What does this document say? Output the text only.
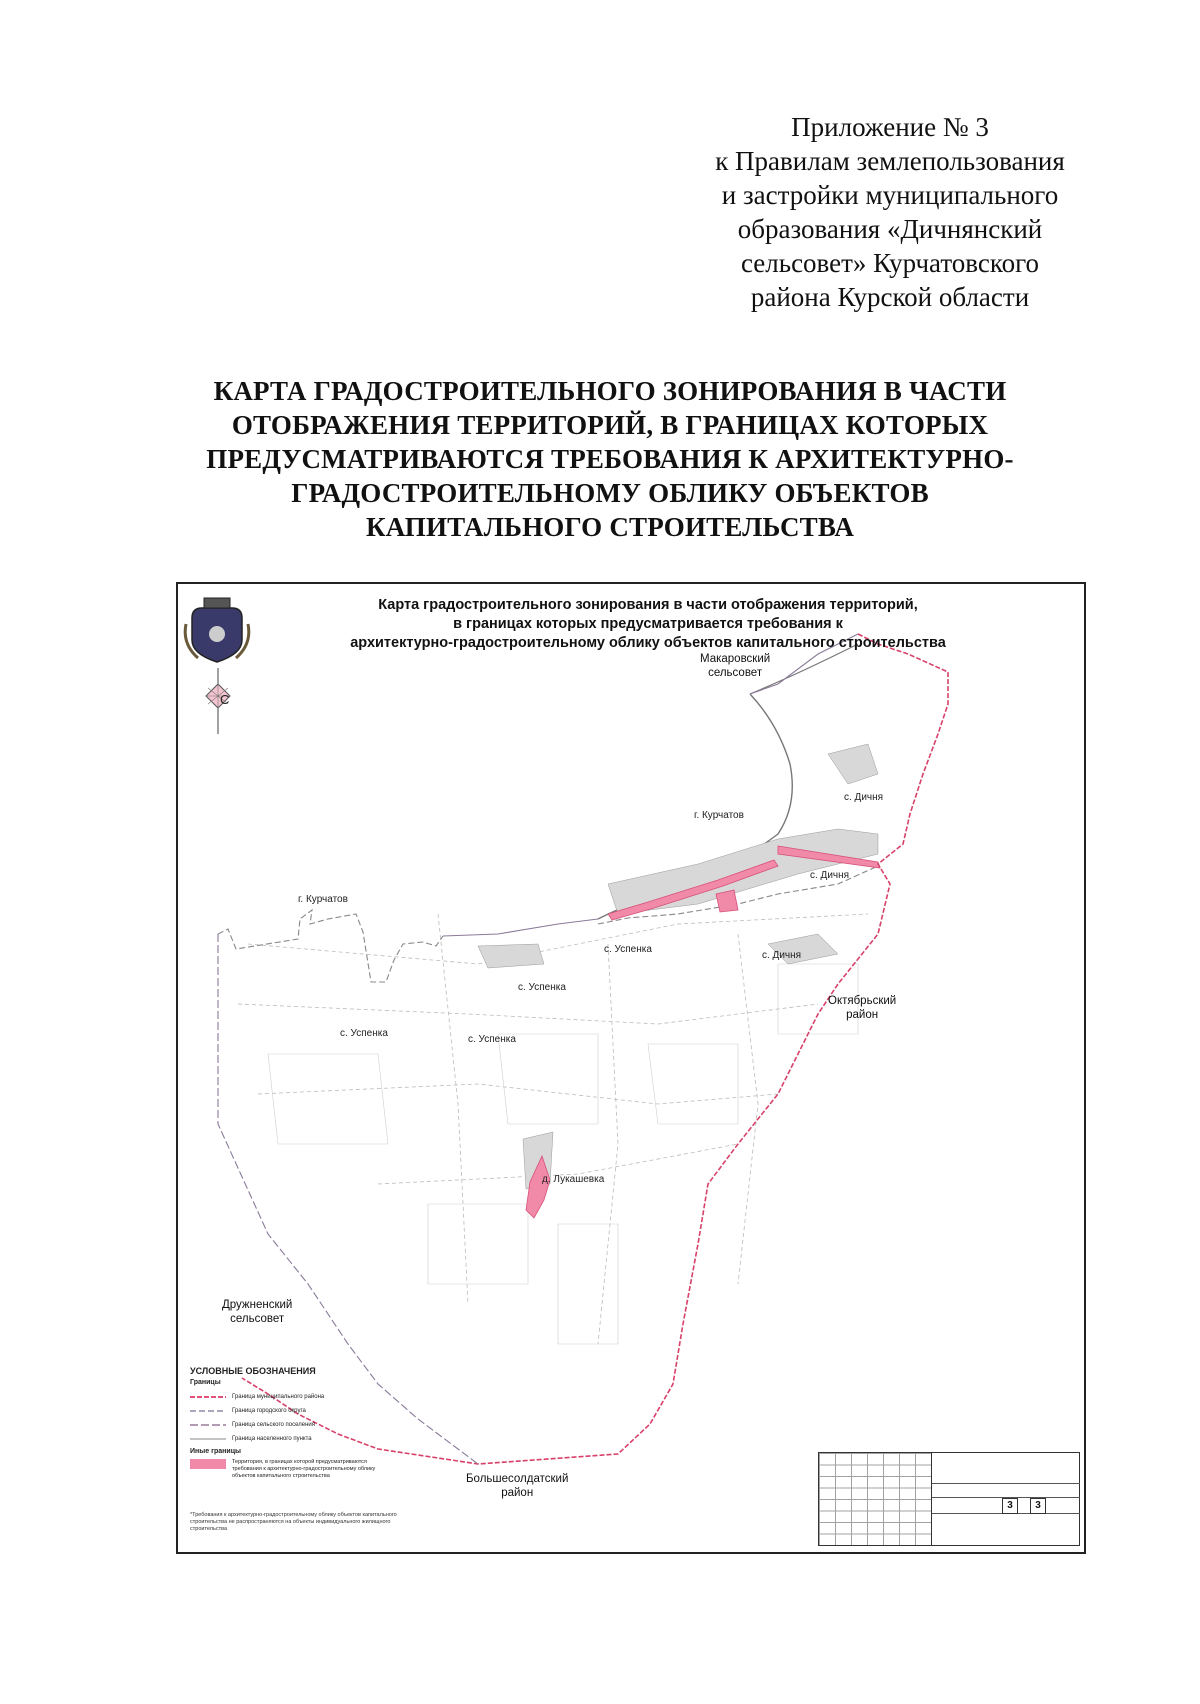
Приложение № 3
к Правилам землепользования
и застройки муниципального
образования «Дичнянский
сельсовет» Курчатовского
района Курской области
КАРТА ГРАДОСТРОИТЕЛЬНОГО ЗОНИРОВАНИЯ В ЧАСТИ
ОТОБРАЖЕНИЯ ТЕРРИТОРИЙ, В ГРАНИЦАХ КОТОРЫХ
ПРЕДУСМАТРИВАЮТСЯ ТРЕБОВАНИЯ К АРХИТЕКТУРНО-
ГРАДОСТРОИТЕЛЬНОМУ ОБЛИКУ ОБЪЕКТОВ
КАПИТАЛЬНОГО СТРОИТЕЛЬСТВА
Карта градостроительного зонирования в части отображения территорий,
в границах которых предусматривается требования к
архитектурно-градостроительному облику объектов капитального строительства
С
Макаровский
сельсовет
Октябрьский
район
Дружненский
сельсовет
Большесолдатский
район
г. Курчатов
г. Курчатов
с. Дичня
с. Дичня
с. Дичня
с. Успенка
с. Успенка
с. Успенка
с. Успенка
д. Лукашевка
УСЛОВНЫЕ ОБОЗНАЧЕНИЯ
Границы
Граница муниципального района
Граница городского округа
Граница сельского поселения
Граница населенного пункта
Иные границы
Территория, в границах которой предусматриваются требования к архитектурно-градостроительному облику объектов капитального строительства
*Требования к архитектурно-градостроительному облику объектов капитального строительства не распространяются на объекты индивидуального жилищного строительства
3	3
